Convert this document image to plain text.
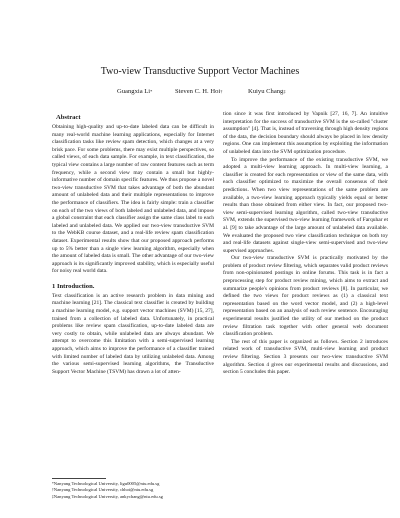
Two-view Transductive Support Vector Machines
Guangxia Li*	Steven C. H. Hoi†	Kuiyu Chang‡
Abstract

Obtaining high-quality and up-to-date labeled data can be difficult in many real-world machine learning applications, especially for Internet classification tasks like review spam detection, which changes at a very brisk pace. For some problems, there may exist multiple perspectives, so called views, of each data sample. For example, in text classification, the typical view contains a large number of raw content features such as term frequency, while a second view may contain a small but highly-informative number of domain specific features. We thus propose a novel two-view transductive SVM that takes advantage of both the abundant amount of unlabeled data and their multiple representations to improve the performance of classifiers. The idea is fairly simple: train a classifier on each of the two views of both labeled and unlabeled data, and impose a global constraint that each classifier assign the same class label to each labeled and unlabeled data. We applied our two-view transductive SVM to the WebKB course dataset, and a real-life review spam classification dataset. Experimental results show that our proposed approach performs up to 5% better than a single view learning algorithm, especially when the amount of labeled data is small. The other advantage of our two-view approach is its significantly improved stability, which is especially useful for noisy real world data.

1 Introduction.

Text classification is an active research problem in data mining and machine learning [21]. The classical text classifier is created by building a machine learning model, e.g. support vector machines (SVM) [15, 27], trained from a collection of labeled data. Unfortunately, in practical problems like review spam classification, up-to-date labeled data are very costly to obtain, while unlabeled data are always abundant. We attempt to overcome this limitation with a semi-supervised learning approach, which aims to improve the performance of a classifier trained with limited number of labeled data by utilizing unlabeled data. Among the various semi-supervised learning algorithms, the Transductive Support Vector Machine (TSVM) has drawn a lot of atten-

tion since it was first introduced by Vapnik [27, 16, 7]. An intuitive interpretation for the success of transductive SVM is the so-called "cluster assumption" [4]. That is, instead of traversing through high density regions of the data, the decision boundary should always be placed in low density regions. One can implement this assumption by exploiting the information of unlabeled data into the SVM optimization procedure.

To improve the performance of the existing transductive SVM, we adopted a multi-view learning approach. In multi-view learning, a classifier is created for each representation or view of the same data, with each classifier optimized to maximize the overall consensus of their predictions. When two view representations of the same problem are available, a two-view learning approach typically yields equal or better results than those obtained from either view. In fact, our proposed two-view semi-supervised learning algorithm, called two-view transductive SVM, extends the supervised two-view learning framework of Farquhar et al. [9] to take advantage of the large amount of unlabeled data available. We evaluated the proposed two view classification technique on both toy and real-life datasets against single-view semi-supervised and two-view supervised approaches.

Our two-view transductive SVM is practically motivated by the problem of product review filtering, which separates valid product reviews from non-opinionated postings in online forums. This task is in fact a preprocessing step for product review mining, which aims to extract and summarize people's opinions from product reviews [8]. In particular, we defined the two views for product reviews as (1) a classical text representation based on the word vector model, and (2) a high-level representation based on an analysis of each review sentence. Encouraging experimental results justified the utility of our method on the product review filtration task together with other general web document classification problem.

The rest of this paper is organized as follows. Section 2 introduces related work of transductive SVM, multi-view learning and product review filtering. Section 3 presents our two-view transductive SVM algorithm. Section 4 gives our experimental results and discussions, and section 5 concludes this paper.

*Nanyang Technological University, ligu0005@ntu.edu.sg

†Nanyang Technological University, chhoi@ntu.edu.sg

‡Nanyang Technological University, ankychang@ntu.edu.sg
